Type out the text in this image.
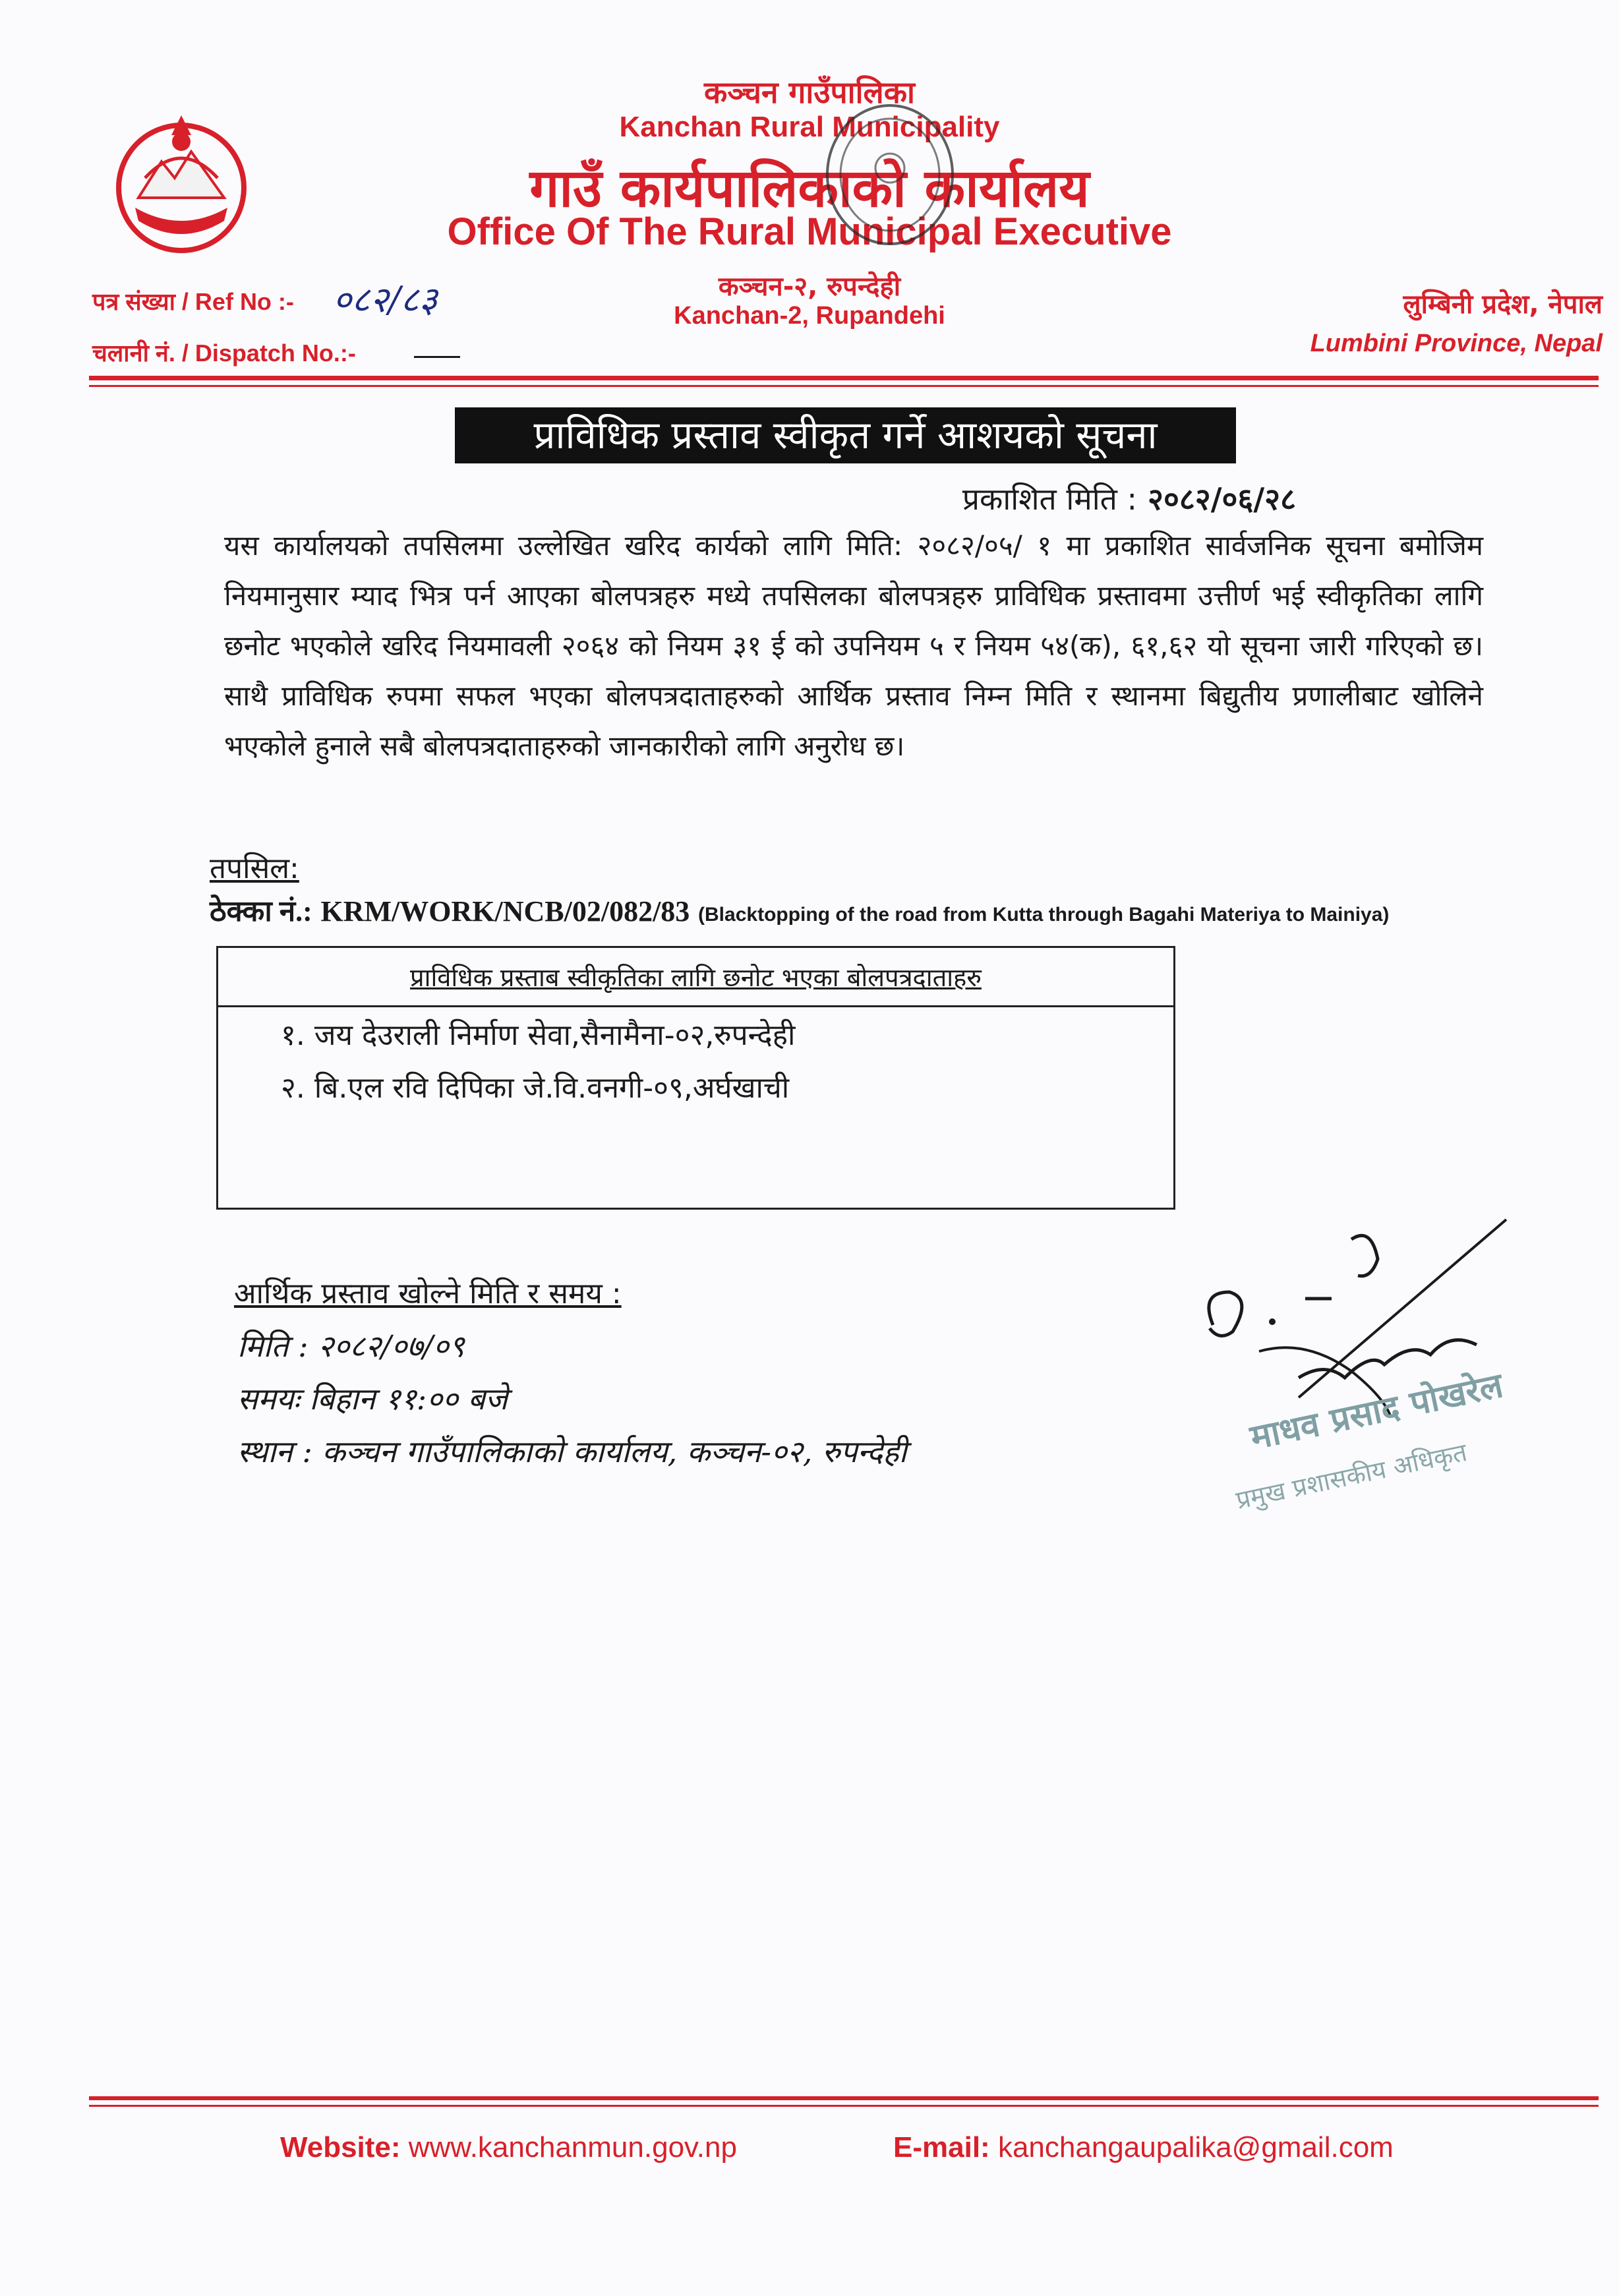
कञ्चन गाउँपालिका
Kanchan Rural Municipality
गाउँ कार्यपालिकाको कार्यालय
Office Of The Rural Municipal Executive
कञ्चन-२, रुपन्देही
Kanchan-2, Rupandehi
पत्र संख्या / Ref No :- ०८२/८३
चलानी नं. / Dispatch No.:-
लुम्बिनी प्रदेश, नेपाल
Lumbini Province, Nepal
प्राविधिक प्रस्ताव स्वीकृत गर्ने आशयको सूचना
प्रकाशित मिति : २०८२/०६/२८
यस कार्यालयको तपसिलमा उल्लेखित खरिद कार्यको लागि मिति: २०८२/०५/ १ मा प्रकाशित सार्वजनिक सूचना बमोजिम नियमानुसार म्याद भित्र पर्न आएका बोलपत्रहरु मध्ये तपसिलका बोलपत्रहरु प्राविधिक प्रस्तावमा उत्तीर्ण भई स्वीकृतिका लागि छनोट भएकोले खरिद नियमावली २०६४ को नियम ३१ ई को उपनियम ५ र नियम ५४(क), ६१,६२ यो सूचना जारी गरिएको छ। साथै प्राविधिक रुपमा सफल भएका बोलपत्रदाताहरुको आर्थिक प्रस्ताव निम्न मिति र स्थानमा बिद्युतीय प्रणालीबाट खोलिने भएकोले हुनाले सबै बोलपत्रदाताहरुको जानकारीको लागि अनुरोध छ।
तपसिल:
ठेक्का नं.: KRM/WORK/NCB/02/082/83 (Blacktopping of the road from Kutta through Bagahi Materiya to Mainiya)
प्राविधिक प्रस्ताब स्वीकृतिका लागि छनोट भएका बोलपत्रदाताहरु
१. जय देउराली निर्माण सेवा,सैनामैना-०२,रुपन्देही
२. बि.एल रवि दिपिका जे.वि.वनगी-०९,अर्घखाची
आर्थिक प्रस्ताव खोल्ने मिति र समय :
मिति : २०८२/०७/०९
समयः बिहान ११:०० बजे
स्थान : कञ्चन गाउँपालिकाको कार्यालय, कञ्चन-०२, रुपन्देही	माधव प्रसाद पोखरेल
प्रमुख प्रशासकीय अधिकृत
Website: www.kanchanmun.gov.np	E-mail: kanchangaupalika@gmail.com
